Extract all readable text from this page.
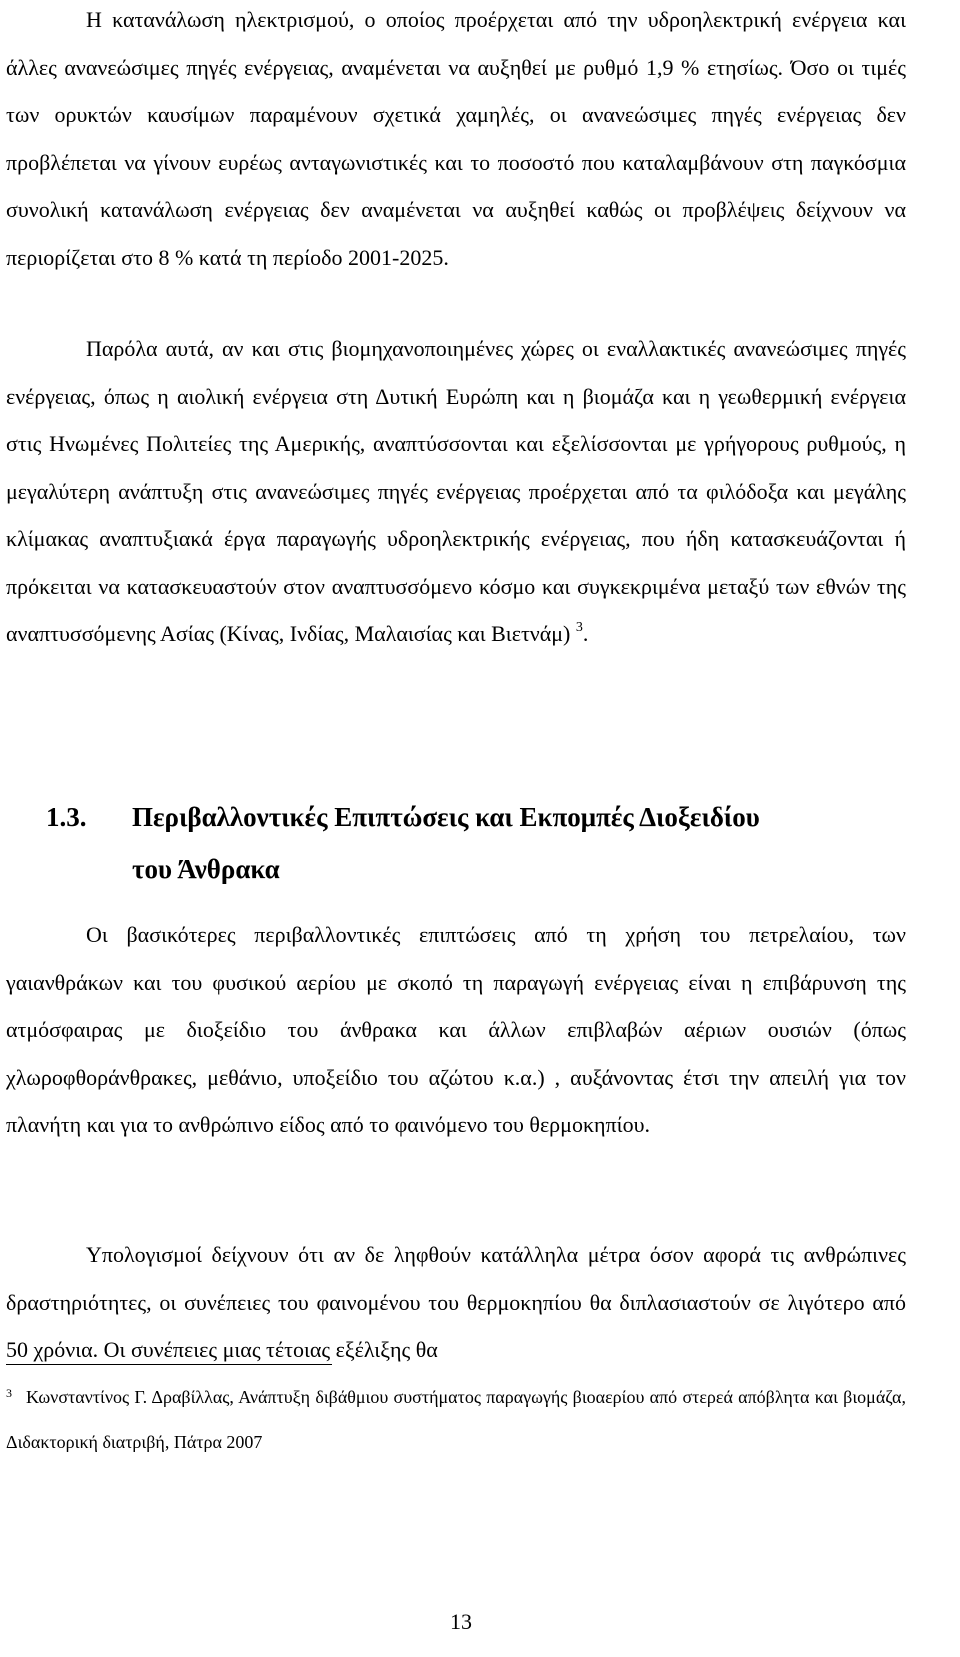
Η κατανάλωση ηλεκτρισμού, ο οποίος προέρχεται από την υδροηλεκτρική ενέργεια και άλλες ανανεώσιμες πηγές ενέργειας, αναμένεται να αυξηθεί με ρυθμό 1,9 % ετησίως. Όσο οι τιμές των ορυκτών καυσίμων παραμένουν σχετικά χαμηλές, οι ανανεώσιμες πηγές ενέργειας δεν προβλέπεται να γίνουν ευρέως ανταγωνιστικές και το ποσοστό που καταλαμβάνουν στη παγκόσμια συνολική κατανάλωση ενέργειας δεν αναμένεται να αυξηθεί καθώς οι προβλέψεις δείχνουν να περιορίζεται στο 8 % κατά τη περίοδο 2001-2025.

Παρόλα αυτά, αν και στις βιομηχανοποιημένες χώρες οι εναλλακτικές ανανεώσιμες πηγές ενέργειας, όπως η αιολική ενέργεια στη Δυτική Ευρώπη και η βιομάζα και η γεωθερμική ενέργεια στις Ηνωμένες Πολιτείες της Αμερικής, αναπτύσσονται και εξελίσσονται με γρήγορους ρυθμούς, η μεγαλύτερη ανάπτυξη στις ανανεώσιμες πηγές ενέργειας προέρχεται από τα φιλόδοξα και μεγάλης κλίμακας αναπτυξιακά έργα παραγωγής υδροηλεκτρικής ενέργειας, που ήδη κατασκευάζονται ή πρόκειται να κατασκευαστούν στον αναπτυσσόμενο κόσμο και συγκεκριμένα μεταξύ των εθνών της αναπτυσσόμενης Ασίας (Κίνας, Ινδίας, Μαλαισίας και Βιετνάμ) $^3$.

1.3. Περιβαλλοντικές Επιπτώσεις και Εκπομπές Διοξειδίου
του Άνθρακα

Οι βασικότερες περιβαλλοντικές επιπτώσεις από τη χρήση του πετρελαίου, των γαιανθράκων και του φυσικού αερίου με σκοπό τη παραγωγή ενέργειας είναι η επιβάρυνση της ατμόσφαιρας με διοξείδιο του άνθρακα και άλλων επιβλαβών αέριων ουσιών (όπως χλωροφθοράνθρακες, μεθάνιο, υποξείδιο του αζώτου κ.α.) , αυξάνοντας έτσι την απειλή για τον πλανήτη και για το ανθρώπινο είδος από το φαινόμενο του θερμοκηπίου.

Υπολογισμοί δείχνουν ότι αν δε ληφθούν κατάλληλα μέτρα όσον αφορά τις ανθρώπινες δραστηριότητες, οι συνέπειες του φαινομένου του θερμοκηπίου θα διπλασιαστούν σε λιγότερο από 50 χρόνια. Οι συνέπειες μιας τέτοιας εξέλιξης θα

$^3$ Κωνσταντίνος Γ. Δραβίλλας, Ανάπτυξη διβάθμιου συστήματος παραγωγής βιοαερίου από στερεά απόβλητα και βιομάζα, Διδακτορική διατριβή, Πάτρα 2007

13
